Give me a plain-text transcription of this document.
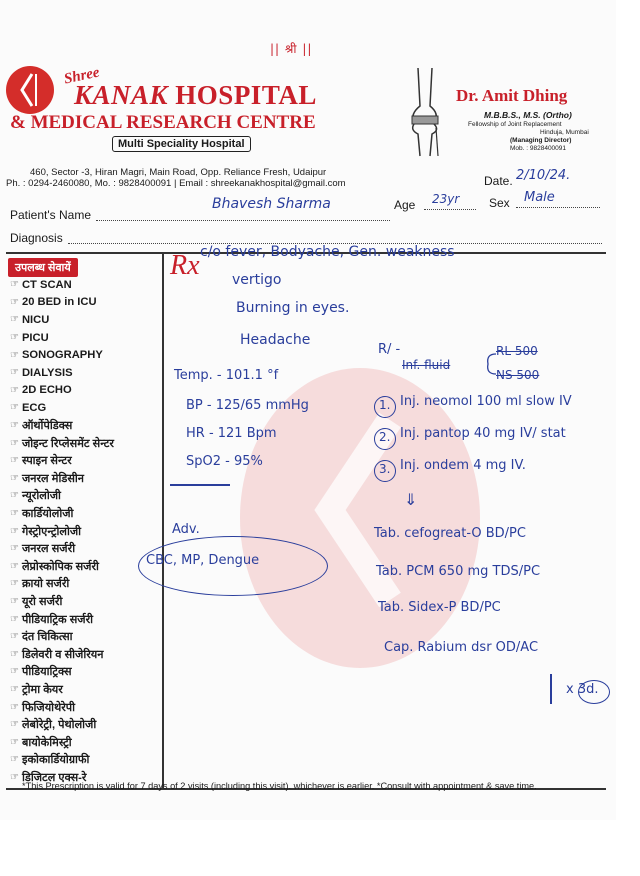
|| श्री ||
Shree
KANAK HOSPITAL
& MEDICAL RESEARCH CENTRE
Multi Speciality Hospital
460, Sector -3, Hiran Magri, Main Road, Opp. Reliance Fresh, Udaipur
Ph. : 0294-2460080, Mo. : 9828400091 | Email : shreekanakhospital@gmail.com
Dr. Amit Dhing
M.B.B.S., M.S. (Ortho)
Fellowship of Joint Replacement
Hinduja, Mumbai
(Managing Director)
Mob. : 9828400091
Date. 2/10/24.
Patient's Name
Bhavesh Sharma	Age 23yr Sex Male
Diagnosis
उपलब्ध सेवायें
☞ CT SCAN
☞ 20 BED in ICU
☞ NICU
☞ PICU
☞ SONOGRAPHY
☞ DIALYSIS
☞ 2D ECHO
☞ ECG
☞ ऑर्थोपेडिक्स
☞ जोइन्ट रिप्लेसमेंट सेन्टर
☞ स्पाइन सेन्टर
☞ जनरल मेडिसीन
☞ न्यूरोलोजी
☞ कार्डियोलोजी
☞ गेस्ट्रोएन्ट्रोलोजी
☞ जनरल सर्जरी
☞ लेप्रोस्कोपिक सर्जरी
☞ क्रायो सर्जरी
☞ यूरो सर्जरी
☞ पीडियाट्रिक सर्जरी
☞ दंत चिकित्सा
☞ डिलेवरी व सीजेरियन
☞ पीडियाट्रिक्स
☞ ट्रोमा केयर
☞ फिजियोथेरेपी
☞ लेबोरेट्री, पेथोलोजी
☞ बायोकेमिस्ट्री
☞ इकोकार्डियोग्राफी
☞ डिजिटल एक्स-रे
Rx c/o fever, Bodyache, Gen. weakness
vertigo
Burning in eyes.
Headache
Temp. - 101.1 °f
BP - 125/65 mmHg
HR - 121 Bpm
SpO2 - 95%
Adv.
CBC, MP, Dengue
R/ -
Inf. fluid
RL 500
NS 500
1. Inj. neomol 100 ml slow IV
2. Inj. pantop 40 mg IV/ stat
3. Inj. ondem 4 mg IV.
⇓
Tab. cefogreat-O BD/PC
Tab. PCM 650 mg TDS/PC
Tab. Sidex-P BD/PC
Cap. Rabium dsr OD/AC
x 3d.
*This Prescription is valid for 7 days of 2 visits (including this visit). whichever is earlier. *Consult with appointment & save time.
